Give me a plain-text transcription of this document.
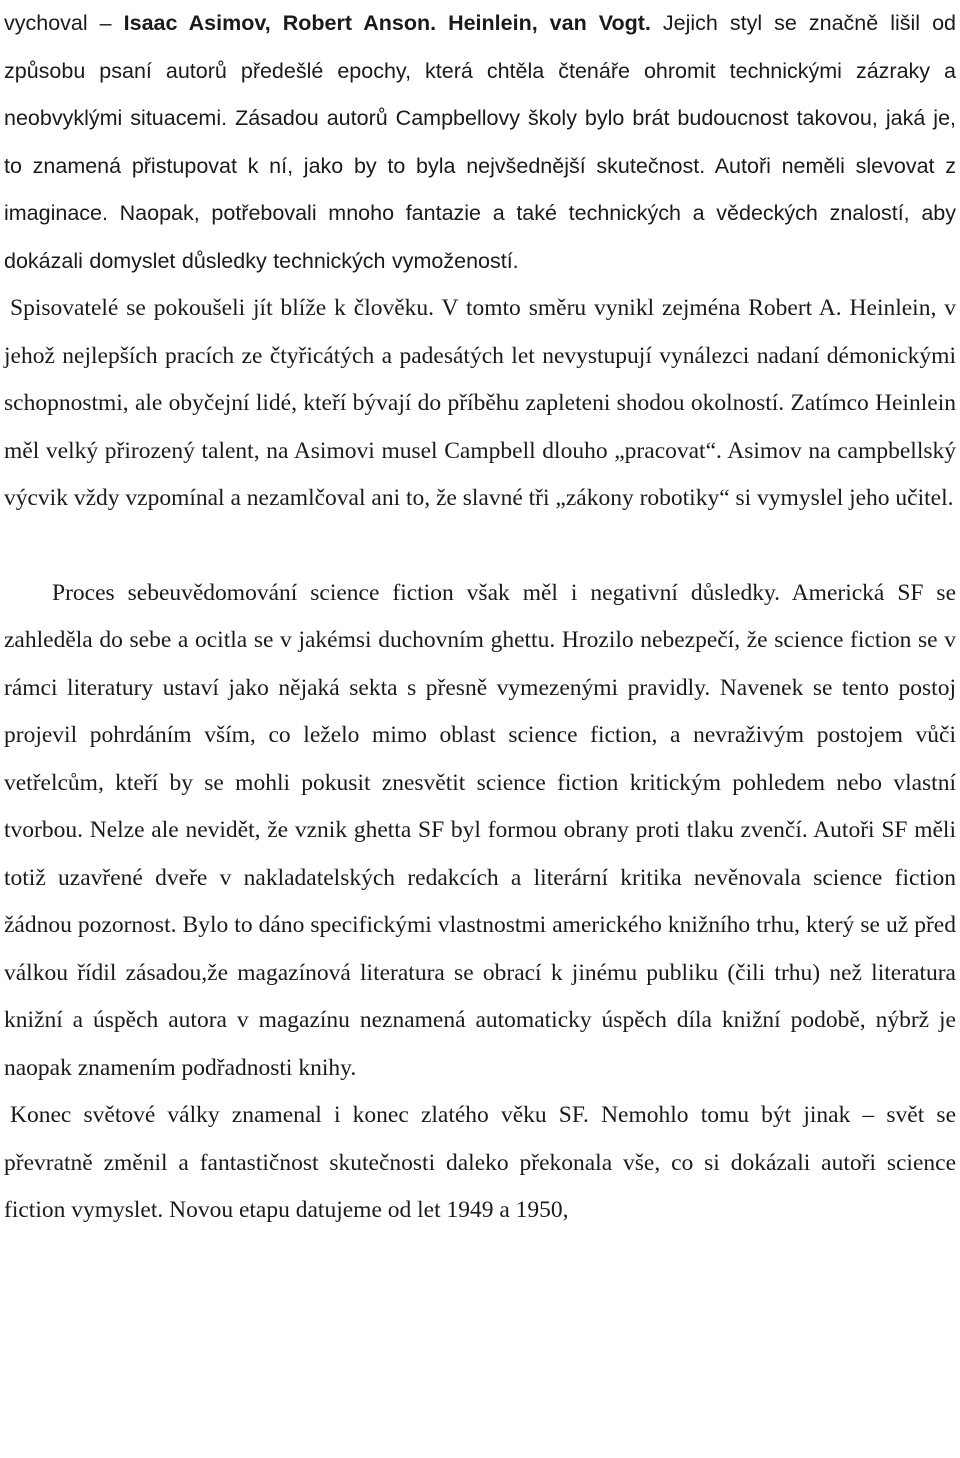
vychoval – Isaac Asimov, Robert Anson. Heinlein, van Vogt. Jejich styl se značně lišil od způsobu psaní autorů předešlé epochy, která chtěla čtenáře ohromit technickými zázraky a neobvyklými situacemi. Zásadou autorů Campbellovy školy bylo brát budoucnost takovou, jaká je, to znamená přistupovat k ní, jako by to byla nejvšednější skutečnost. Autoři neměli slevovat z imaginace. Naopak, potřebovali mnoho fantazie a také technických a vědeckých znalostí, aby dokázali domyslet důsledky technických vymožeností.

Spisovatelé se pokoušeli jít blíže k člověku. V tomto směru vynikl zejména Robert A. Heinlein, v jehož nejlepších pracích ze čtyřicátých a padesátých let nevystupují vynálezci nadaní démonickými schopnostmi, ale obyčejní lidé, kteří bývají do příběhu zapleteni shodou okolností. Zatímco Heinlein měl velký přirozený talent, na Asimovi musel Campbell dlouho „pracovat“. Asimov na campbellský výcvik vždy vzpomínal a nezamlčoval ani to, že slavné tři „zákony robotiky“ si vymyslel jeho učitel.

Proces sebeuvědomování science fiction však měl i negativní důsledky. Americká SF se zahleděla do sebe a ocitla se v jakémsi duchovním ghettu. Hrozilo nebezpečí, že science fiction se v rámci literatury ustaví jako nějaká sekta s přesně vymezenými pravidly. Navenek se tento postoj projevil pohrdáním vším, co leželo mimo oblast science fiction, a nevraživým postojem vůči vetřelcům, kteří by se mohli pokusit znesvětit science fiction kritickým pohledem nebo vlastní tvorbou. Nelze ale nevidět, že vznik ghetta SF byl formou obrany proti tlaku zvenčí. Autoři SF měli totiž uzavřené dveře v nakladatelských redakcích a literární kritika nevěnovala science fiction žádnou pozornost. Bylo to dáno specifickými vlastnostmi amerického knižního trhu, který se už před válkou řídil zásadou,že magazínová literatura se obrací k jinému publiku (čili trhu) než literatura knižní a úspěch autora v magazínu neznamená automaticky úspěch díla knižní podobě, nýbrž je naopak znamením podřadnosti knihy.

Konec světové války znamenal i konec zlatého věku SF. Nemohlo tomu být jinak – svět se převratně změnil a fantastičnost skutečnosti daleko překonala vše, co si dokázali autoři science fiction vymyslet. Novou etapu datujeme od let 1949 a 1950,
